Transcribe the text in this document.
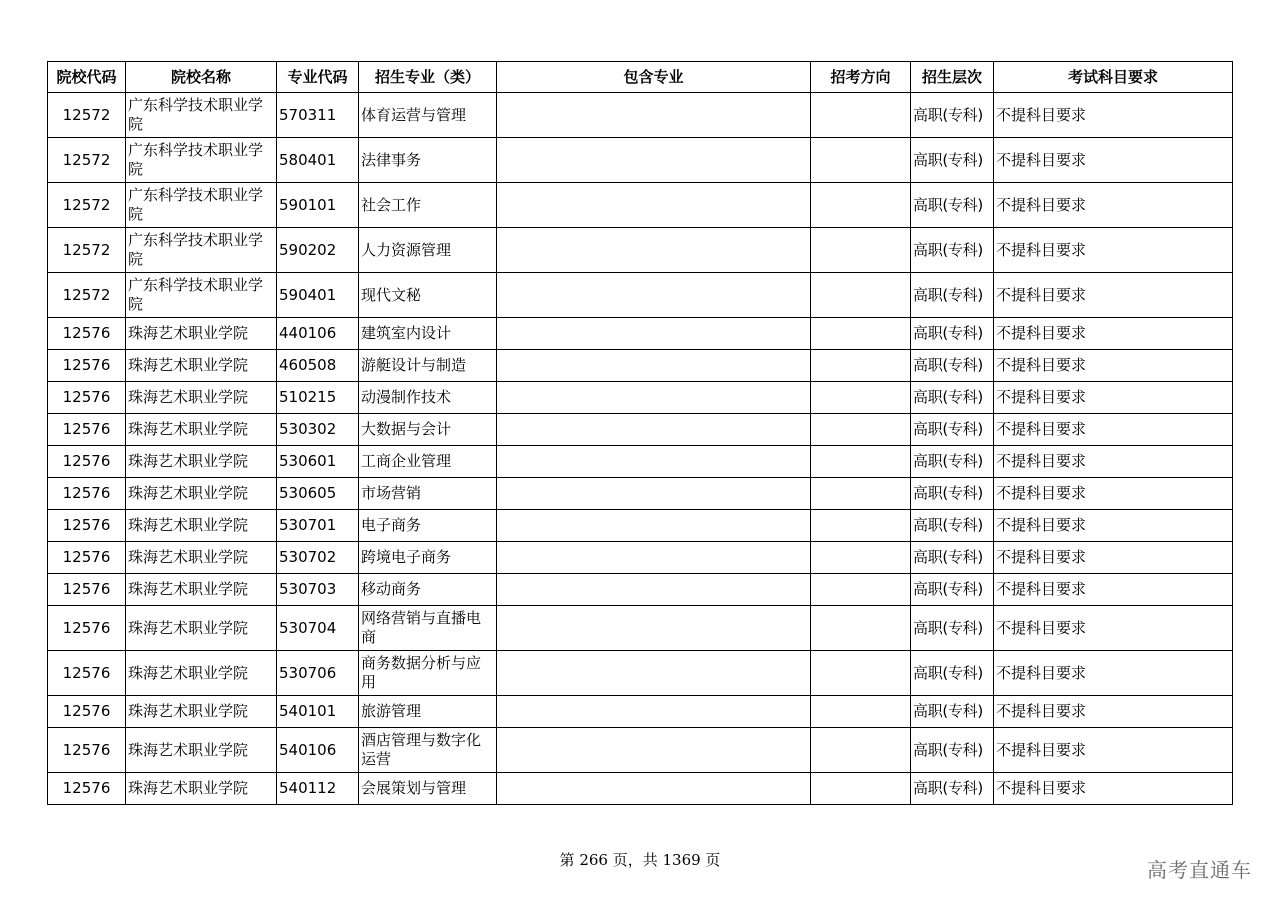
院校代码	院校名称	专业代码	招生专业（类）	包含专业	招考方向	招生层次	考试科目要求
12572	广东科学技术职业学院	570311	体育运营与管理			高职(专科)	不提科目要求
12572	广东科学技术职业学院	580401	法律事务			高职(专科)	不提科目要求
12572	广东科学技术职业学院	590101	社会工作			高职(专科)	不提科目要求
12572	广东科学技术职业学院	590202	人力资源管理			高职(专科)	不提科目要求
12572	广东科学技术职业学院	590401	现代文秘			高职(专科)	不提科目要求
12576	珠海艺术职业学院	440106	建筑室内设计			高职(专科)	不提科目要求
12576	珠海艺术职业学院	460508	游艇设计与制造			高职(专科)	不提科目要求
12576	珠海艺术职业学院	510215	动漫制作技术			高职(专科)	不提科目要求
12576	珠海艺术职业学院	530302	大数据与会计			高职(专科)	不提科目要求
12576	珠海艺术职业学院	530601	工商企业管理			高职(专科)	不提科目要求
12576	珠海艺术职业学院	530605	市场营销			高职(专科)	不提科目要求
12576	珠海艺术职业学院	530701	电子商务			高职(专科)	不提科目要求
12576	珠海艺术职业学院	530702	跨境电子商务			高职(专科)	不提科目要求
12576	珠海艺术职业学院	530703	移动商务			高职(专科)	不提科目要求
12576	珠海艺术职业学院	530704	网络营销与直播电商			高职(专科)	不提科目要求
12576	珠海艺术职业学院	530706	商务数据分析与应用			高职(专科)	不提科目要求
12576	珠海艺术职业学院	540101	旅游管理			高职(专科)	不提科目要求
12576	珠海艺术职业学院	540106	酒店管理与数字化运营			高职(专科)	不提科目要求
12576	珠海艺术职业学院	540112	会展策划与管理			高职(专科)	不提科目要求
第 266 页，共 1369 页	高考直通车
